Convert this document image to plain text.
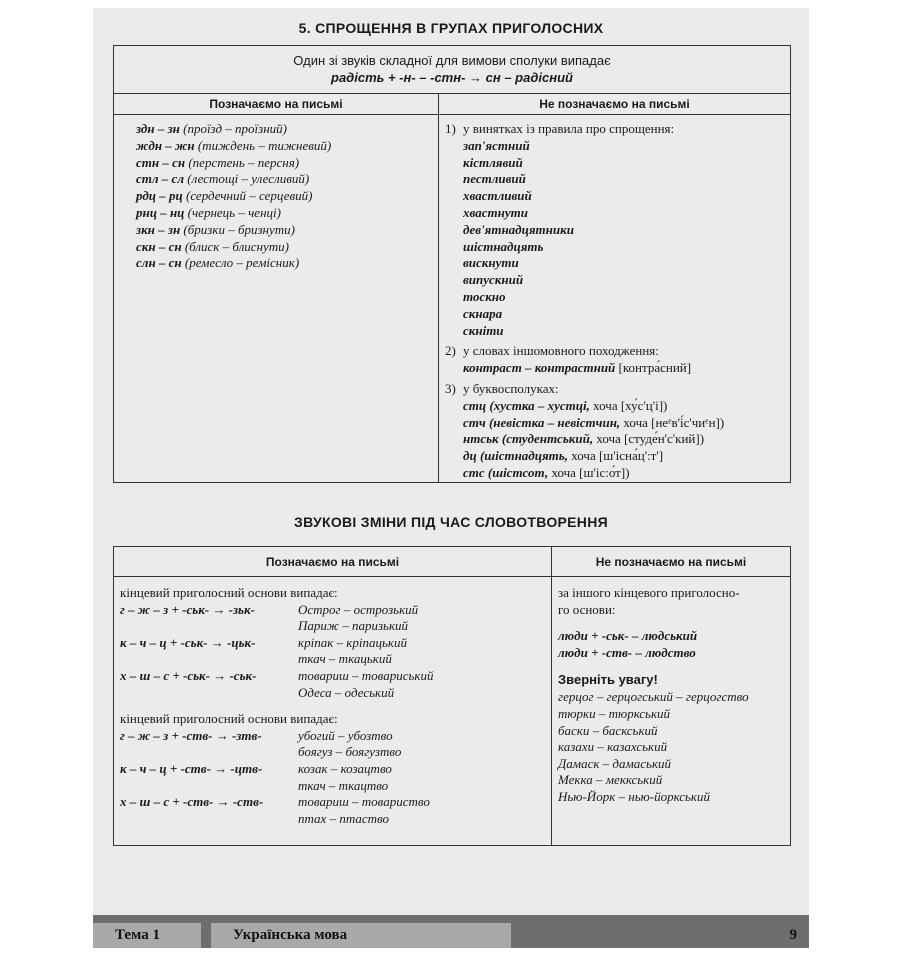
5. СПРОЩЕННЯ В ГРУПАХ ПРИГОЛОСНИХ
Один зі звуків складної для вимови сполуки випадає
радість + -н- – -стн- → сн – радісний
Позначаємо на письмі	Не позначаємо на письмі
здн – зн (проїзд – проїзний)
ждн – жн (тиждень – тижневий)
стн – сн (перстень – персня)
стл – сл (лестощі – улесливий)
рдц – рц (сердечний – серцевий)
рнц – нц (чернець – ченці)
зкн – зн (бризки – бризнути)
скн – сн (блиск – блиснути)
слн – сн (ремесло – ремісник)
1) у винятках із правила про спрощення:
зап'ястний
кістлявий
пестливий
хвастливий
хвастнути
дев'ятнадцятники
шістнадцять
вискнути
випускний
тоскно
скнара
скніти
2) у словах іншомовного походження:
контраст – контрастний [контра́сний]
3) у буквосполуках:
стц (хустка – хустці, хоча [ху́с'ц'і])
стч (невістка – невістчин, хоча [неᵉв'і́с'чиᵉн])
нтськ (студентський, хоча [студе́н'с'кий])
дц (шістнадцять, хоча [ш'існа́ц':т']
стс (шістсот, хоча [ш'іс:о́т])
ЗВУКОВІ ЗМІНИ ПІД ЧАС СЛОВОТВОРЕННЯ
Позначаємо на письмі	Не позначаємо на письмі
кінцевий приголосний основи випадає:
г – ж – з + -ськ- → -зьк-	Острог – острозький
Париж – паризький
к – ч – ц + -ськ- → -цьк-	кріпак – кріпацький
ткач – ткацький
х – ш – с + -ськ- → -ськ-	товариш – товариський
Одеса – одеський
кінцевий приголосний основи випадає:
г – ж – з + -ств- → -зтв-	убогий – убозтво
боягуз – боягузтво
к – ч – ц + -ств- → -цтв-	козак – козацтво
ткач – ткацтво
х – ш – с + -ств- → -ств-	товариш – товариство
птах – птаство
за іншого кінцевого приголосно-
го основи:
люди + -ськ- – людський
люди + -ств- – людство
Зверніть увагу!
герцог – герцогський – герцогство
тюрки – тюркський
баски – баскський
казахи – казахський
Дамаск – дамаський
Мекка – меккський
Нью-Йорк – нью-йоркський
Тема 1	Українська мова	9
